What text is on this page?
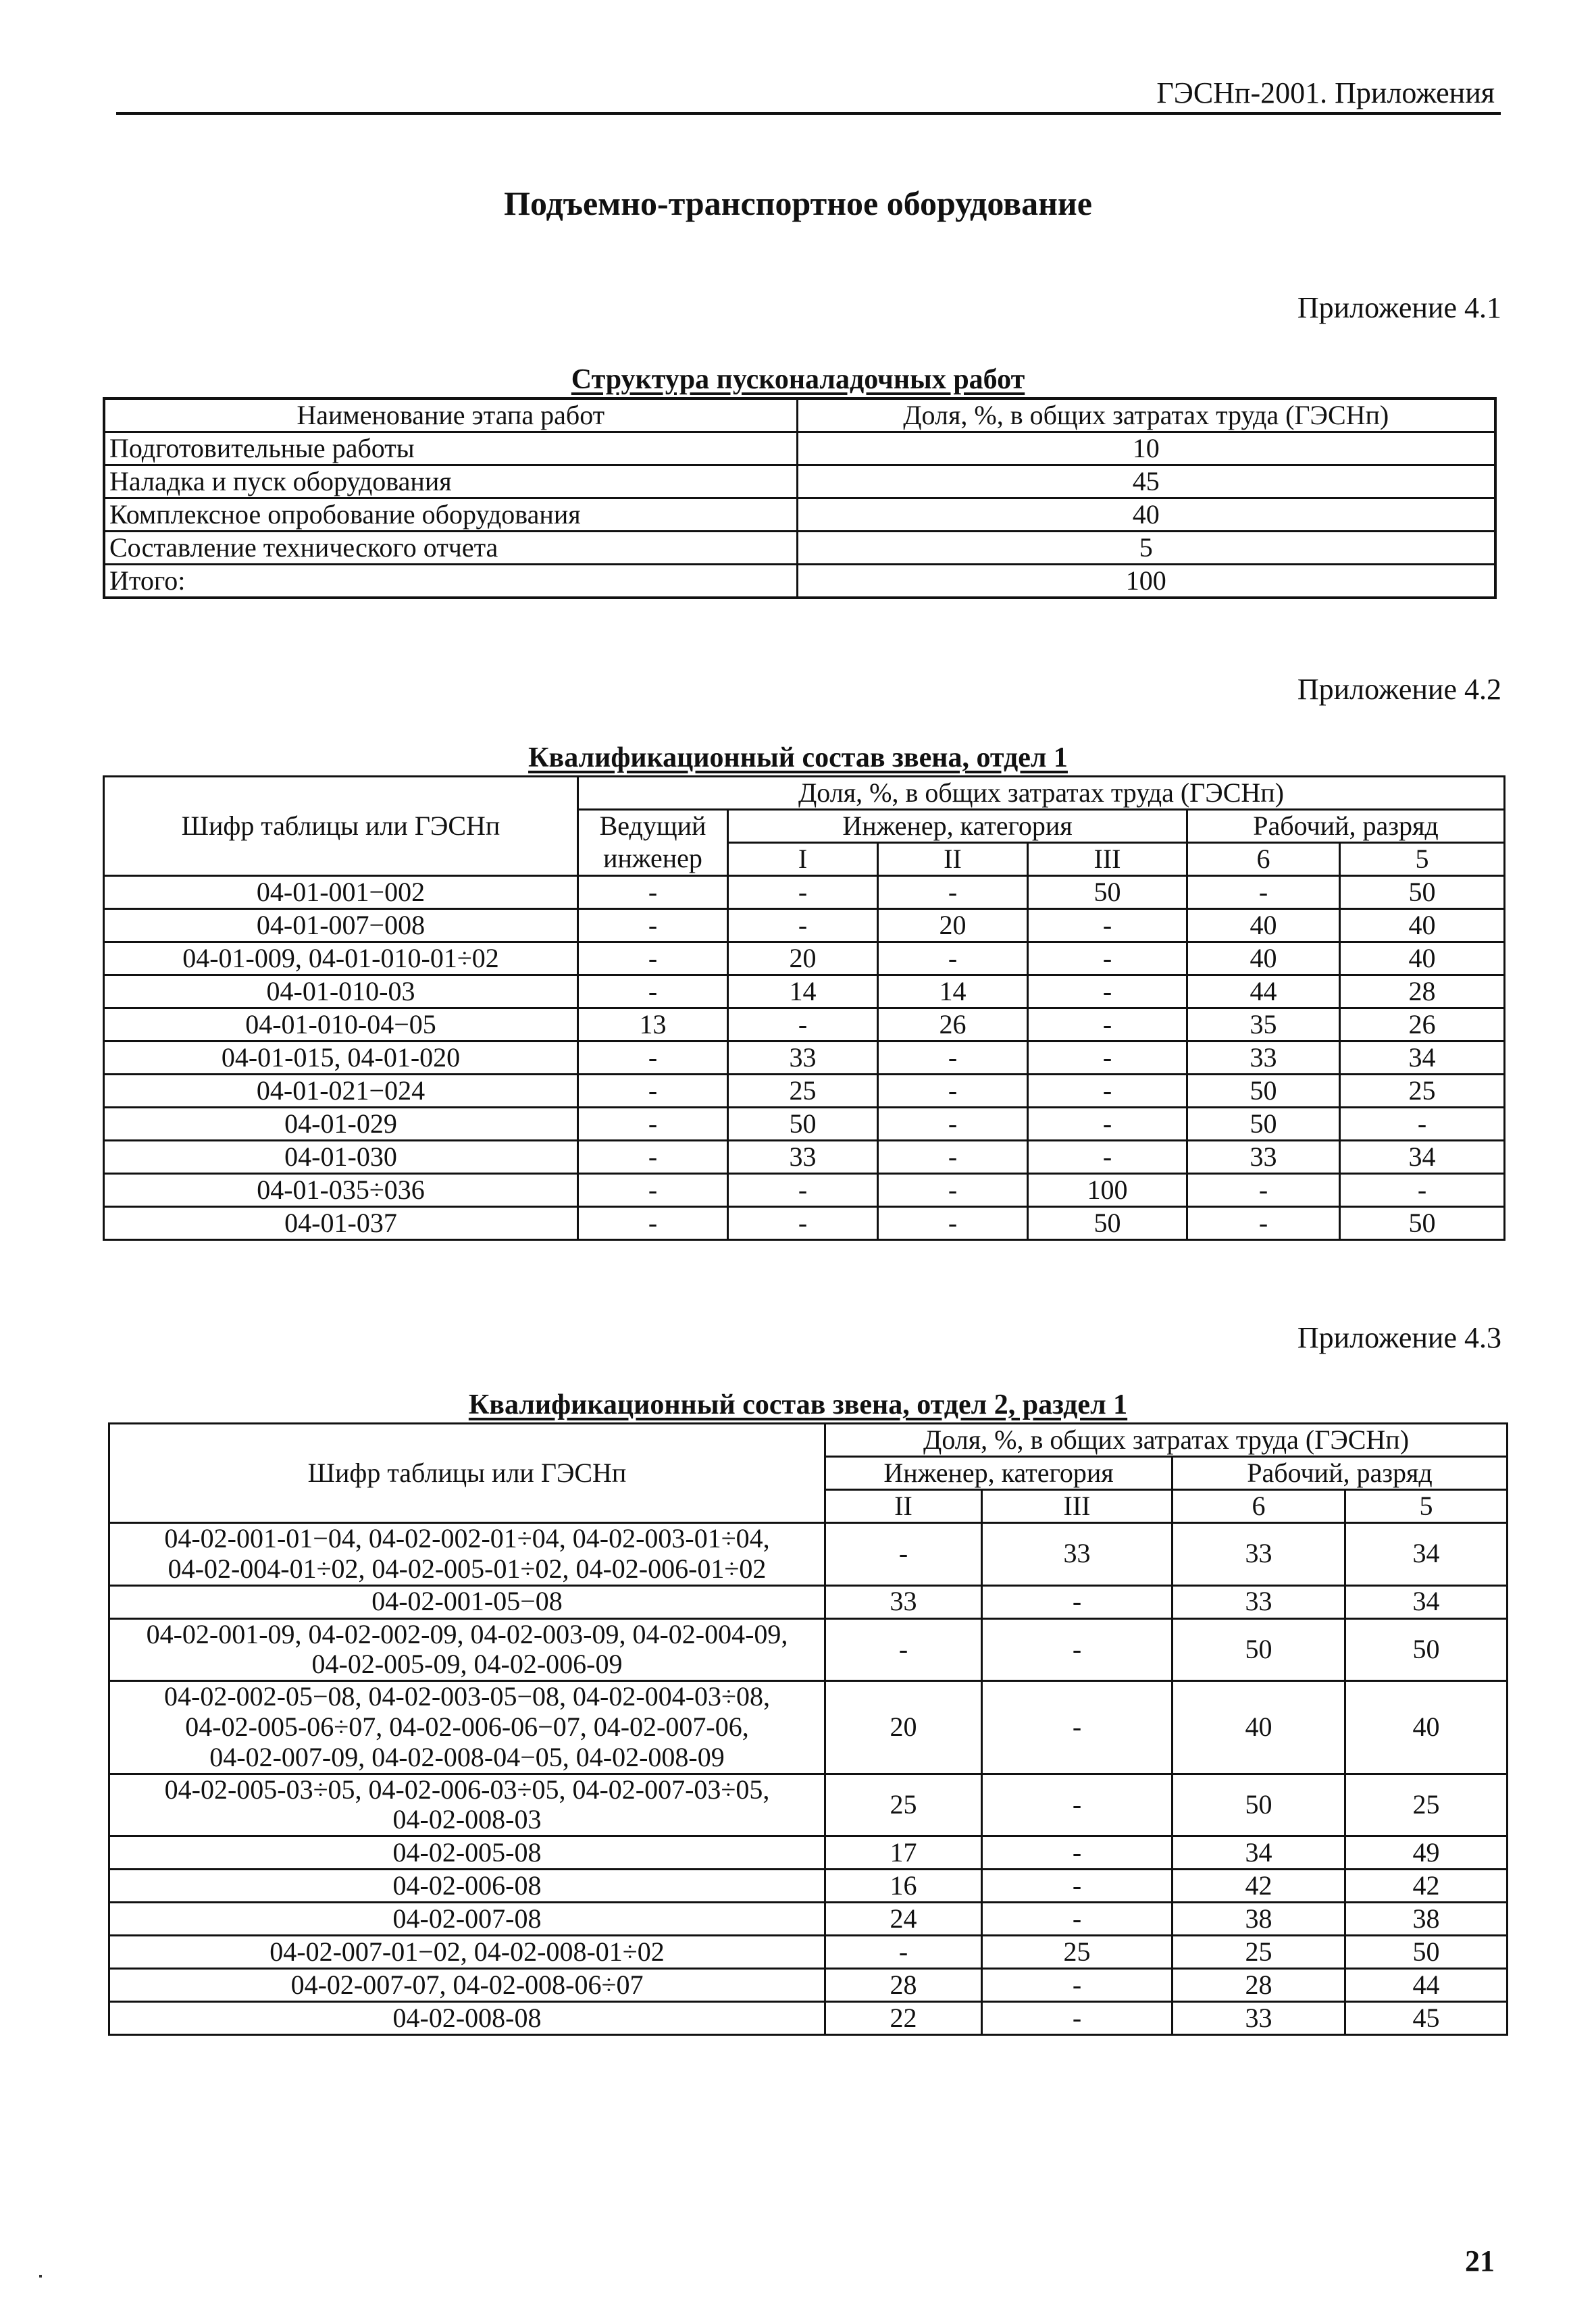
ГЭСНп-2001. Приложения
Подъемно-транспортное оборудование
Приложение 4.1
Структура пусконаладочных работ
Наименование этапа работ	Доля, %, в общих затратах труда (ГЭСНп)
Подготовительные работы	10
Наладка и пуск оборудования	45
Комплексное опробование оборудования	40
Составление технического отчета	5
Итого:	100
Приложение 4.2
Квалификационный состав звена, отдел 1
Шифр таблицы или ГЭСНп	Доля, %, в общих затратах труда (ГЭСНп)					
	Ведущий	Инженер, категория			Рабочий, разряд	
	инженер	I	II	III	6	5
04-01-001−002	-	-	-	50	-	50
04-01-007−008	-	-	20	-	40	40
04-01-009, 04-01-010-01÷02	-	20	-	-	40	40
04-01-010-03	-	14	14	-	44	28
04-01-010-04−05	13	-	26	-	35	26
04-01-015, 04-01-020	-	33	-	-	33	34
04-01-021−024	-	25	-	-	50	25
04-01-029	-	50	-	-	50	-
04-01-030	-	33	-	-	33	34
04-01-035÷036	-	-	-	100	-	-
04-01-037	-	-	-	50	-	50
Приложение 4.3
Квалификационный состав звена, отдел 2, раздел 1
Шифр таблицы или ГЭСНп	Доля, %, в общих затратах труда (ГЭСНп)			
	Инженер, категория		Рабочий, разряд	
	II	III	6	5

04-02-001-01−04, 04-02-002-01÷04, 04-02-003-01÷04,
04-02-004-01÷02, 04-02-005-01÷02, 04-02-006-01÷02	-	33	33	34

04-02-001-05−08	33	-	33	34

04-02-001-09, 04-02-002-09, 04-02-003-09, 04-02-004-09,
04-02-005-09, 04-02-006-09	-	-	50	50

04-02-002-05−08, 04-02-003-05−08, 04-02-004-03÷08,
04-02-005-06÷07, 04-02-006-06−07, 04-02-007-06,
04-02-007-09, 04-02-008-04−05, 04-02-008-09	20	-	40	40

04-02-005-03÷05, 04-02-006-03÷05, 04-02-007-03÷05,
04-02-008-03	25	-	50	25

04-02-005-08	17	-	34	49

04-02-006-08	16	-	42	42

04-02-007-08	24	-	38	38

04-02-007-01−02, 04-02-008-01÷02	-	25	25	50

04-02-007-07, 04-02-008-06÷07	28	-	28	44

04-02-008-08	22	-	33	45
21
